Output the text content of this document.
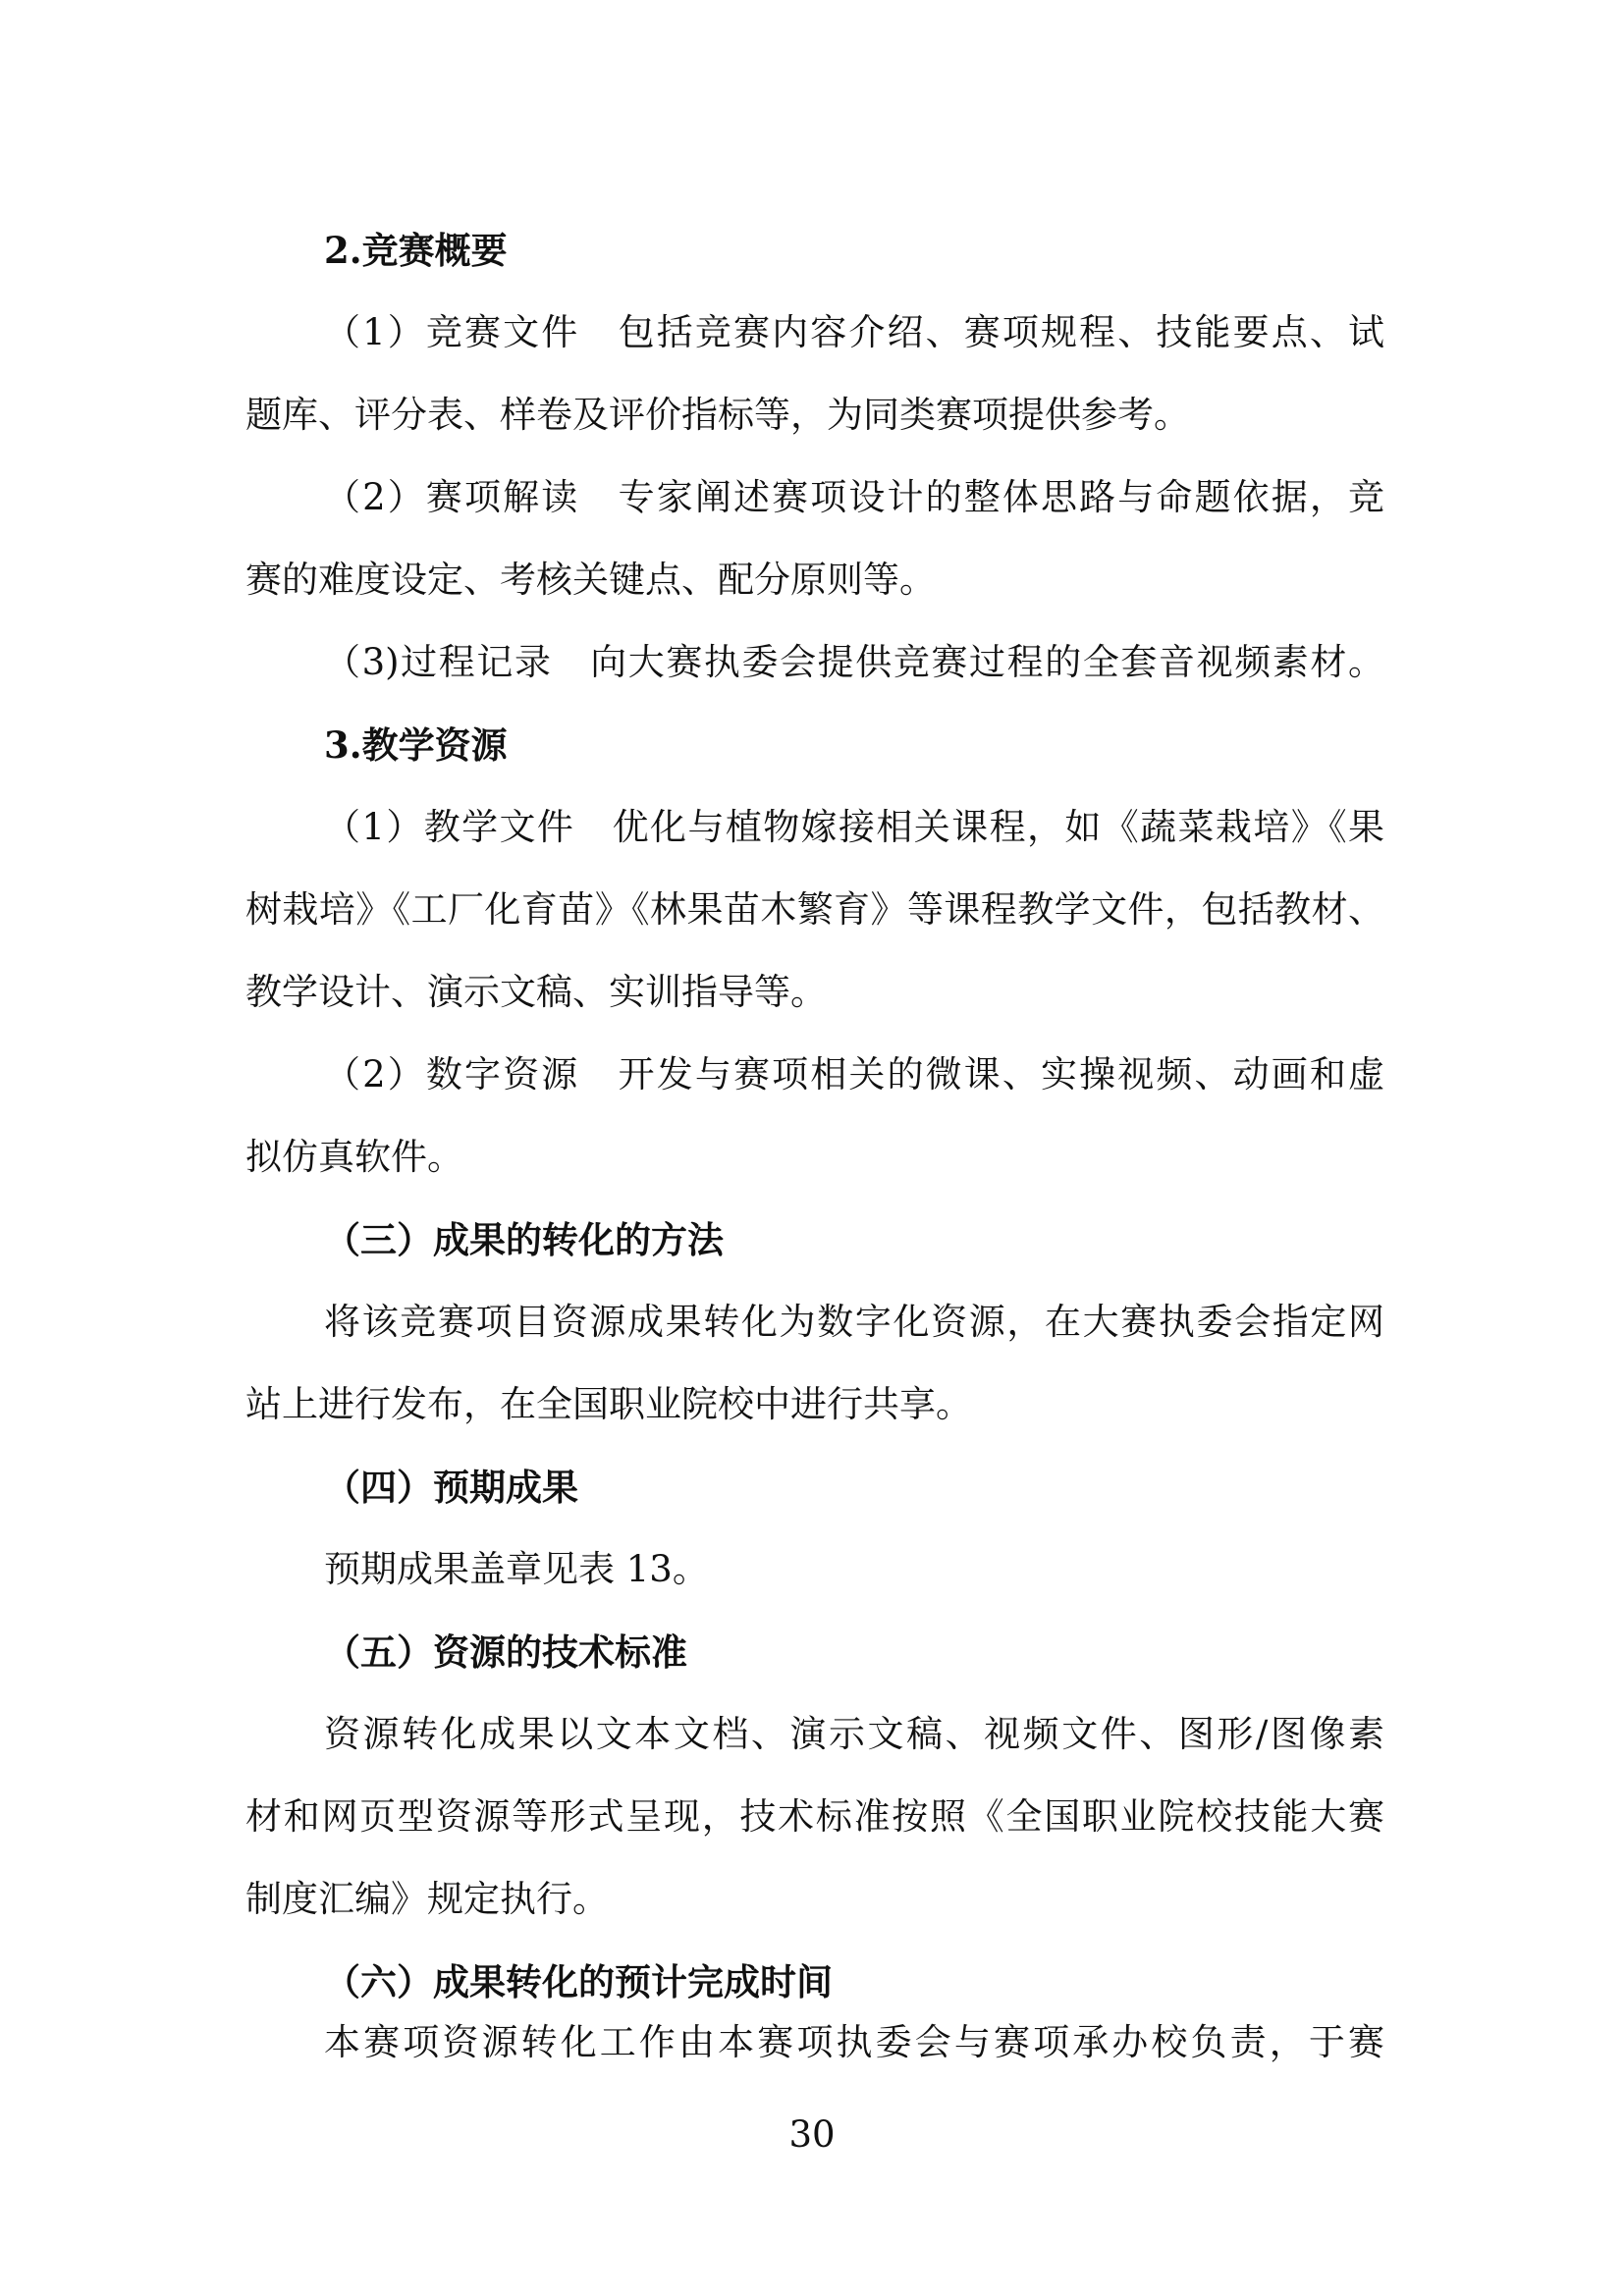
2.竞赛概要
（1）竞赛文件　包括竞赛内容介绍、赛项规程、技能要点、试
题库、评分表、样卷及评价指标等，为同类赛项提供参考。
（2）赛项解读　专家阐述赛项设计的整体思路与命题依据，竞
赛的难度设定、考核关键点、配分原则等。
（3)过程记录　向大赛执委会提供竞赛过程的全套音视频素材。
3.教学资源
（1）教学文件　优化与植物嫁接相关课程，如《蔬菜栽培》《果
树栽培》《工厂化育苗》《林果苗木繁育》等课程教学文件，包括教材、
教学设计、演示文稿、实训指导等。
（2）数字资源　开发与赛项相关的微课、实操视频、动画和虚
拟仿真软件。
（三）成果的转化的方法
将该竞赛项目资源成果转化为数字化资源，在大赛执委会指定网
站上进行发布，在全国职业院校中进行共享。
（四）预期成果
预期成果盖章见表 13。
（五）资源的技术标准
资源转化成果以文本文档、演示文稿、视频文件、图形/图像素
材和网页型资源等形式呈现，技术标准按照《全国职业院校技能大赛
制度汇编》规定执行。
（六）成果转化的预计完成时间
本赛项资源转化工作由本赛项执委会与赛项承办校负责，于赛
30
